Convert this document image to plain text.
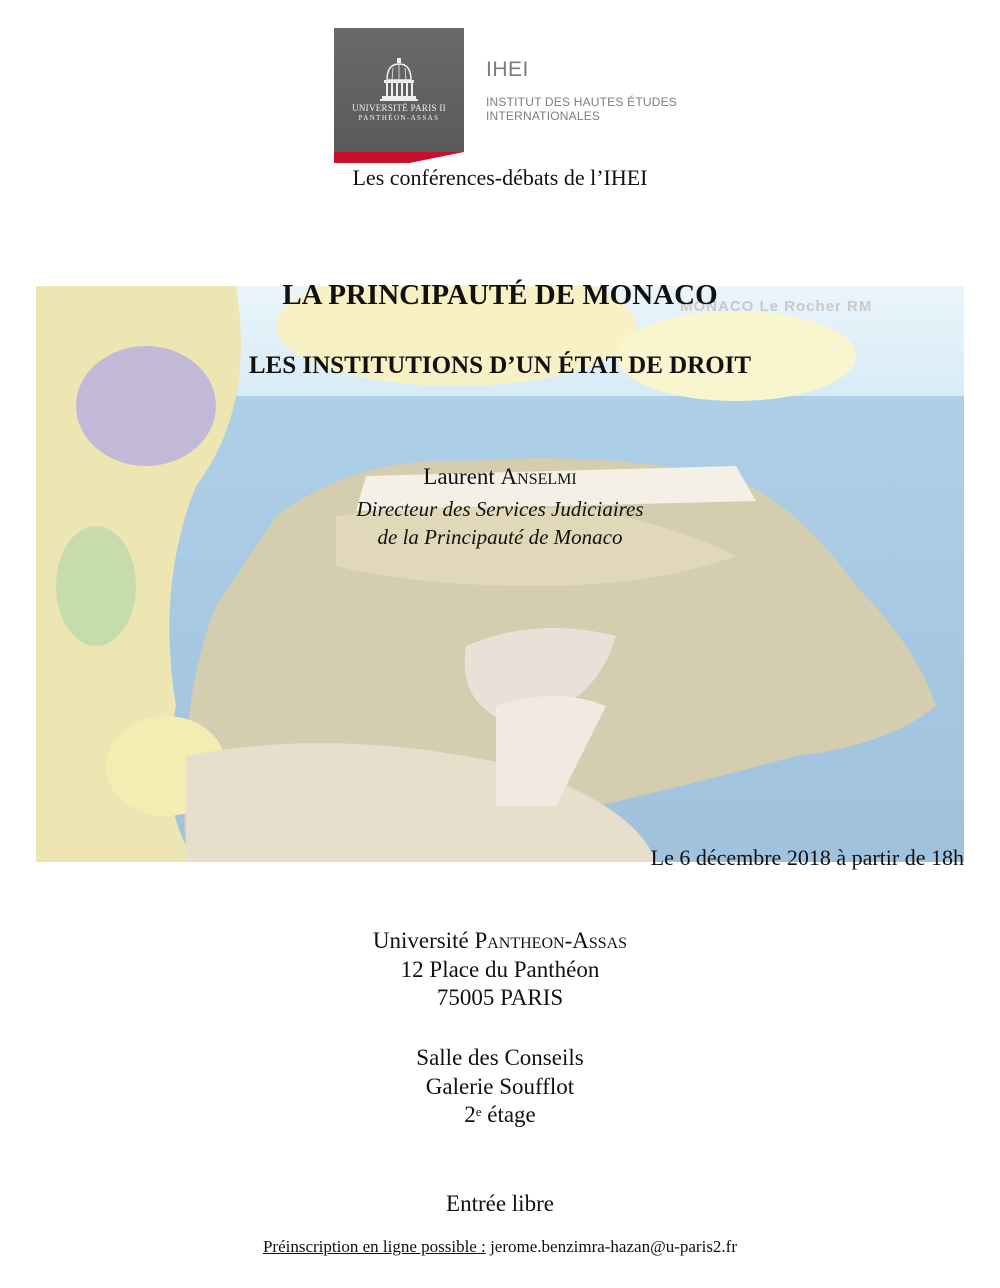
UNIVERSITÉ PARIS II
PANTHÉON-ASSAS
IHEI
INSTITUT DES HAUTES ÉTUDES
INTERNATIONALES
Les conférences-débats de l’IHEI
MONACO Le Rocher RM
LA PRINCIPAUTÉ DE MONACO
LES INSTITUTIONS D’UN ÉTAT DE DROIT
Laurent Anselmi
Directeur des Services Judiciaires
de la Principauté de Monaco
Le 6 décembre 2018 à partir de 18h
Université Pantheon-Assas
12 Place du Panthéon
75005 PARIS
Salle des Conseils
Galerie Soufflot
2e étage
Entrée libre
Préinscription en ligne possible : jerome.benzimra-hazan@u-paris2.fr
